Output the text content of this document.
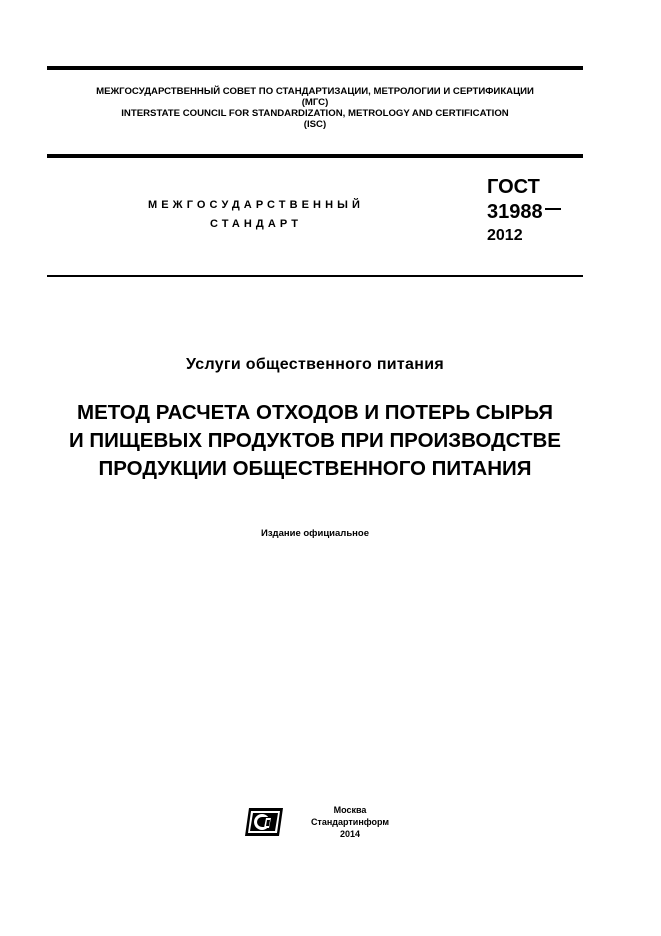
МЕЖГОСУДАРСТВЕННЫЙ СОВЕТ ПО СТАНДАРТИЗАЦИИ, МЕТРОЛОГИИ И СЕРТИФИКАЦИИ
(МГС)
INTERSTATE COUNCIL FOR STANDARDIZATION, METROLOGY AND CERTIFICATION
(ISC)
МЕЖГОСУДАРСТВЕННЫЙ
СТАНДАРТ
ГОСТ
31988
2012
Услуги общественного питания
МЕТОД РАСЧЕТА ОТХОДОВ И ПОТЕРЬ СЫРЬЯ
И ПИЩЕВЫХ ПРОДУКТОВ ПРИ ПРОИЗВОДСТВЕ
ПРОДУКЦИИ ОБЩЕСТВЕННОГО ПИТАНИЯ
Издание официальное
Москва
Стандартинформ
2014
